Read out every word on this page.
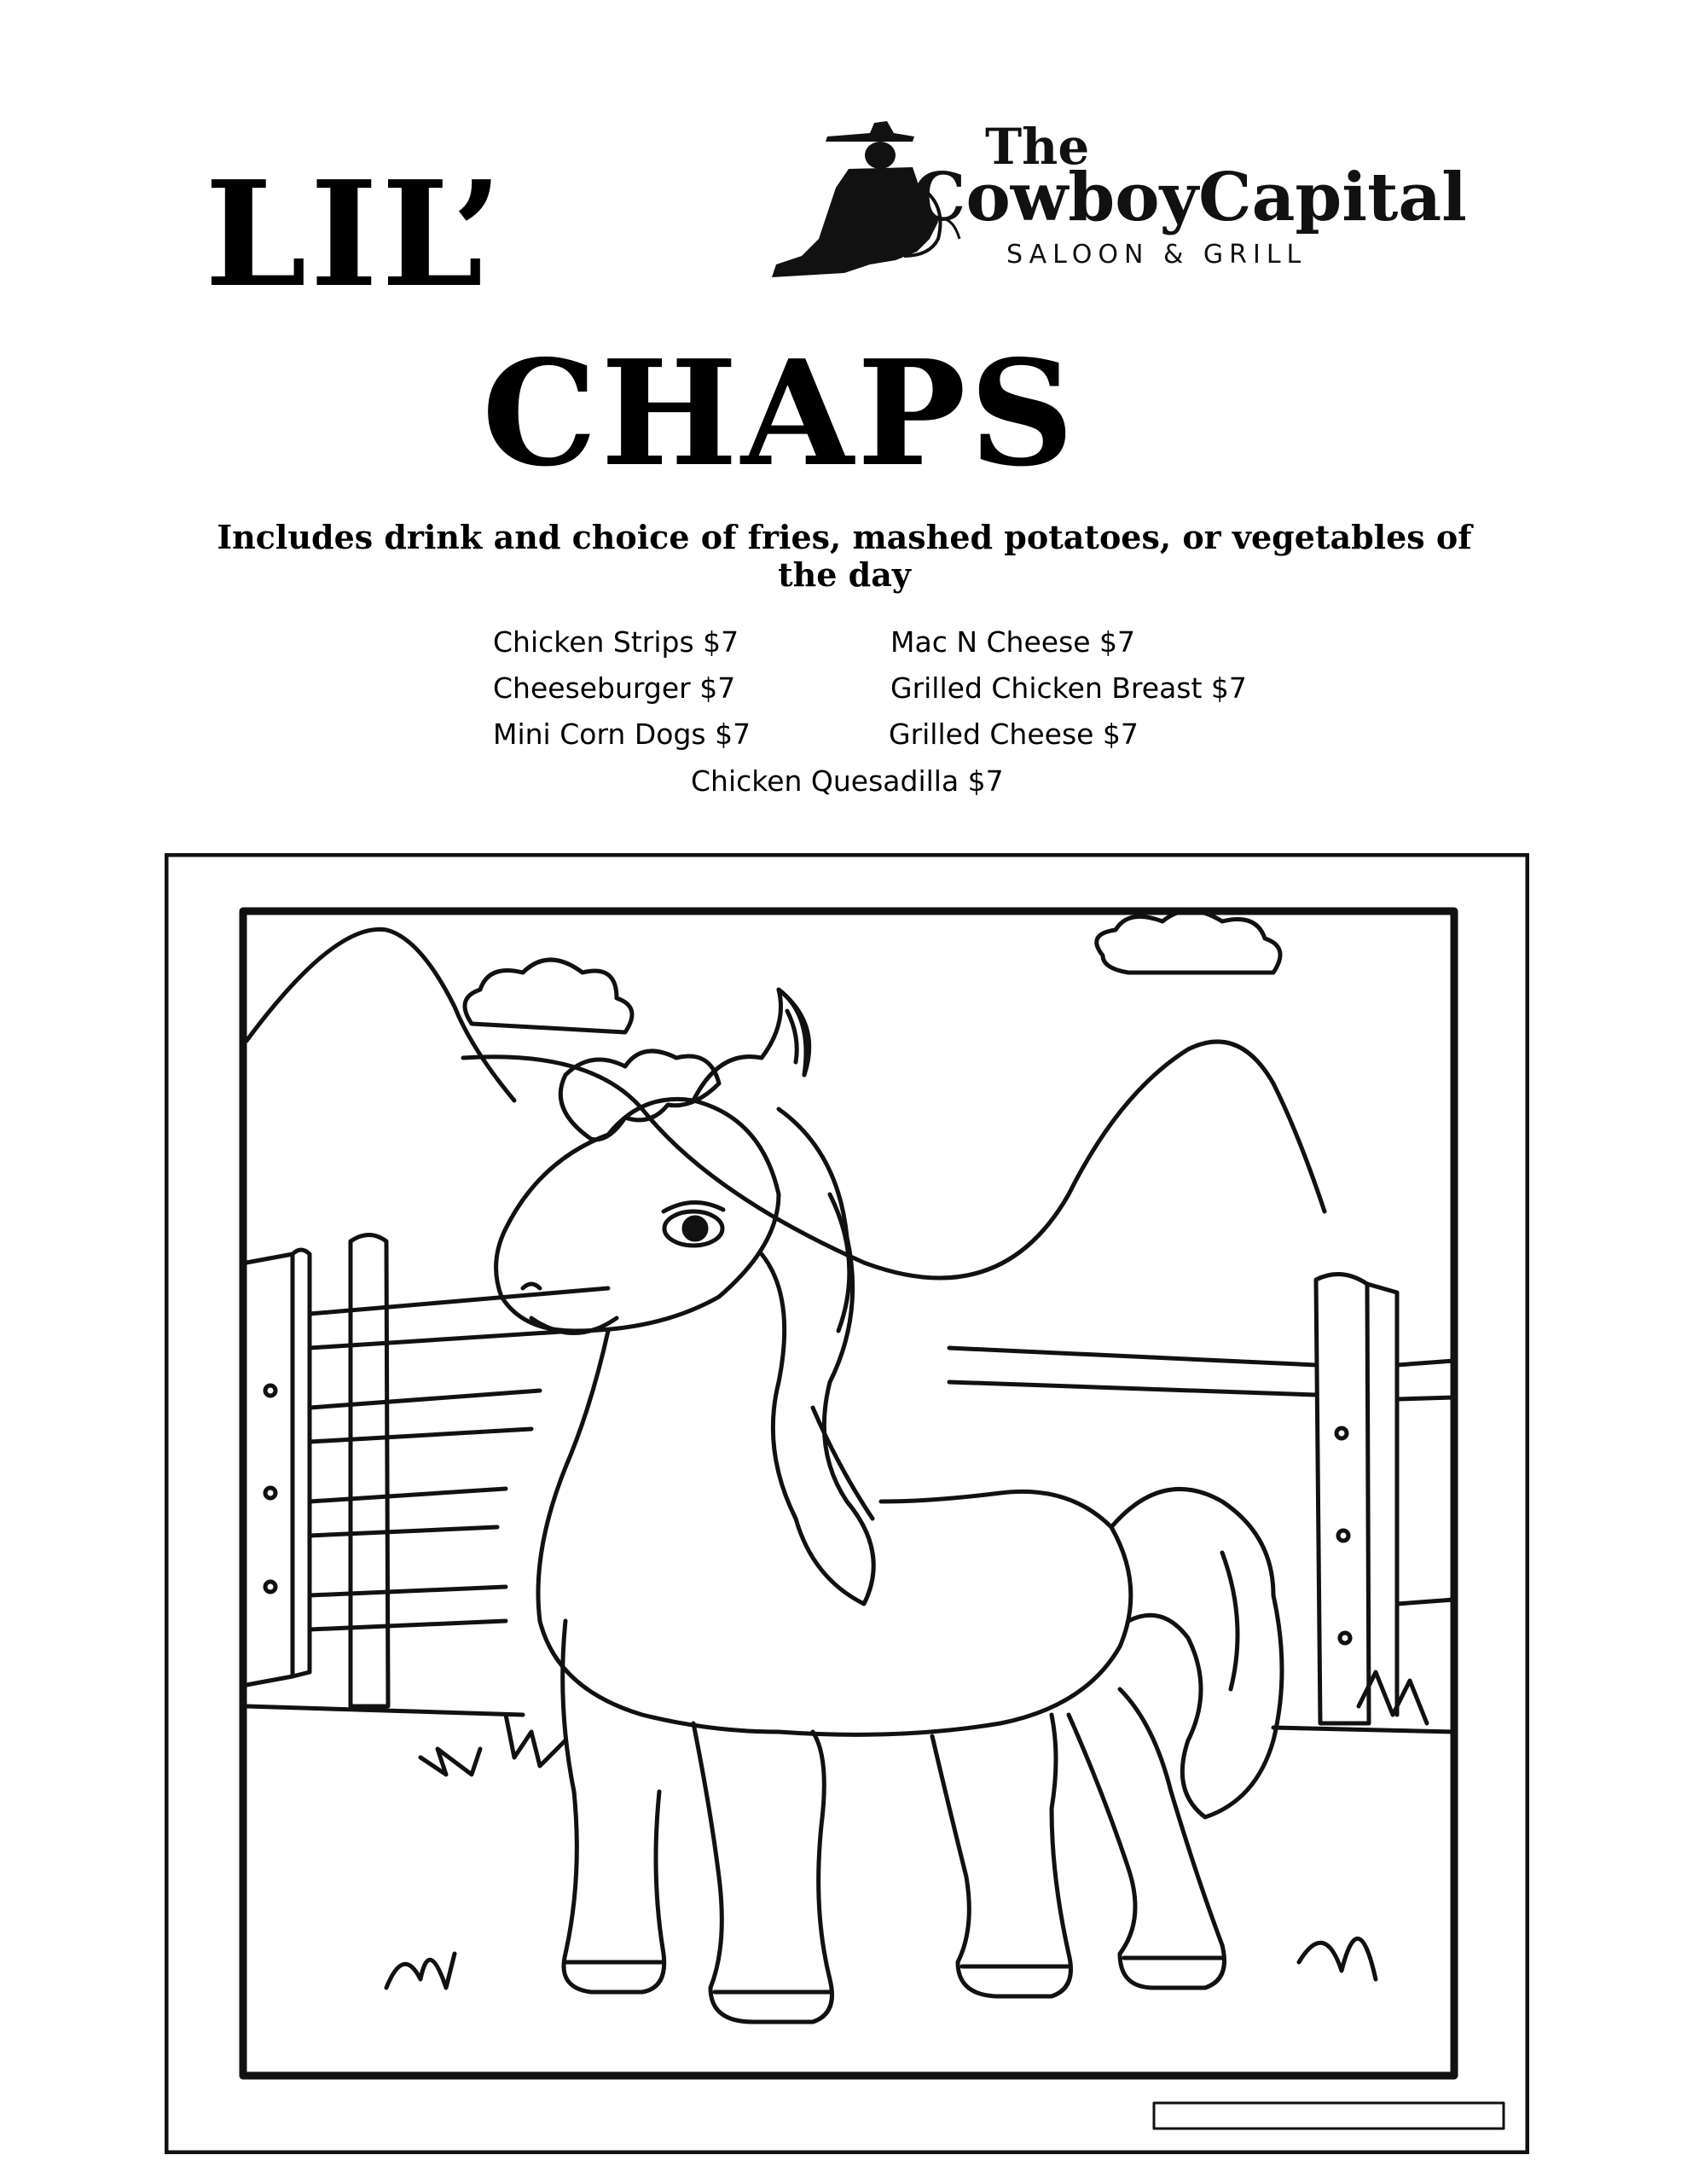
LIL’
CHAPS
The
CowboyCapital
SALOON & GRILL

Includes drink and choice of fries, mashed potatoes, or vegetables of the day

Chicken Strips $7	Mac N Cheese $7
Cheeseburger $7	Grilled Chicken Breast $7
Mini Corn Dogs $7	Grilled Cheese $7
Chicken Quesadilla $7
